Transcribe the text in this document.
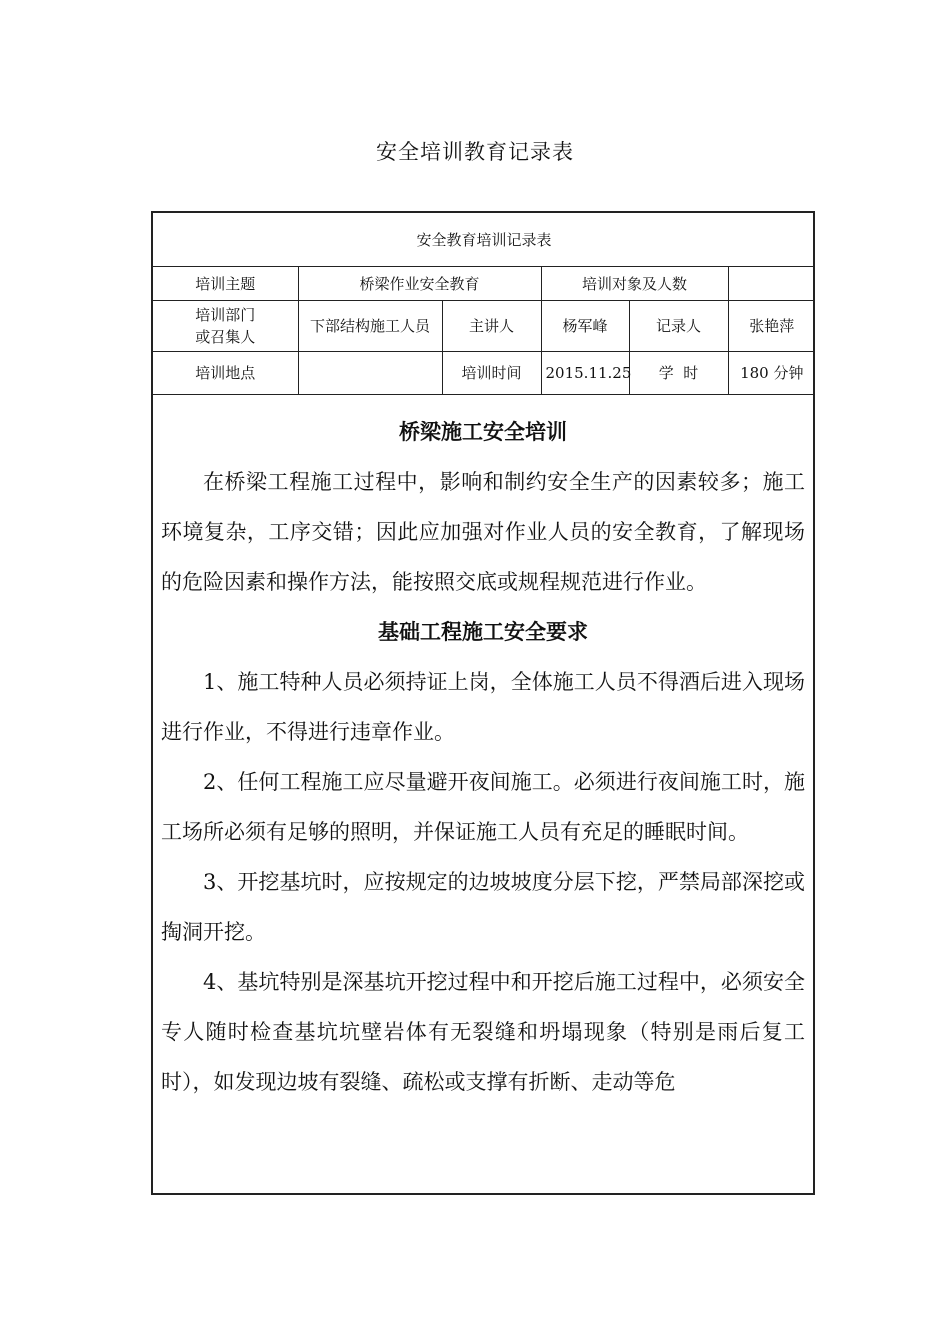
安全培训教育记录表
安全教育培训记录表					
培训主题	桥梁作业安全教育		培训对象及人数		

培训部门
或召集人	下部结构施工人员	主讲人	杨军峰	记录人	张艳萍
培训地点		培训时间	2015.11.25	学  时	180 分钟
桥梁施工安全培训

在桥梁工程施工过程中，影响和制约安全生产的因素较多；施工环境复杂，工序交错；因此应加强对作业人员的安全教育，了解现场的危险因素和操作方法，能按照交底或规程规范进行作业。

基础工程施工安全要求

1、施工特种人员必须持证上岗，全体施工人员不得酒后进入现场进行作业，不得进行违章作业。

2、任何工程施工应尽量避开夜间施工。必须进行夜间施工时，施工场所必须有足够的照明，并保证施工人员有充足的睡眠时间。

3、开挖基坑时，应按规定的边坡坡度分层下挖，严禁局部深挖或掏洞开挖。

4、基坑特别是深基坑开挖过程中和开挖后施工过程中，必须安全专人随时检查基坑坑壁岩体有无裂缝和坍塌现象（特别是雨后复工时），如发现边坡有裂缝、疏松或支撑有折断、走动等危
